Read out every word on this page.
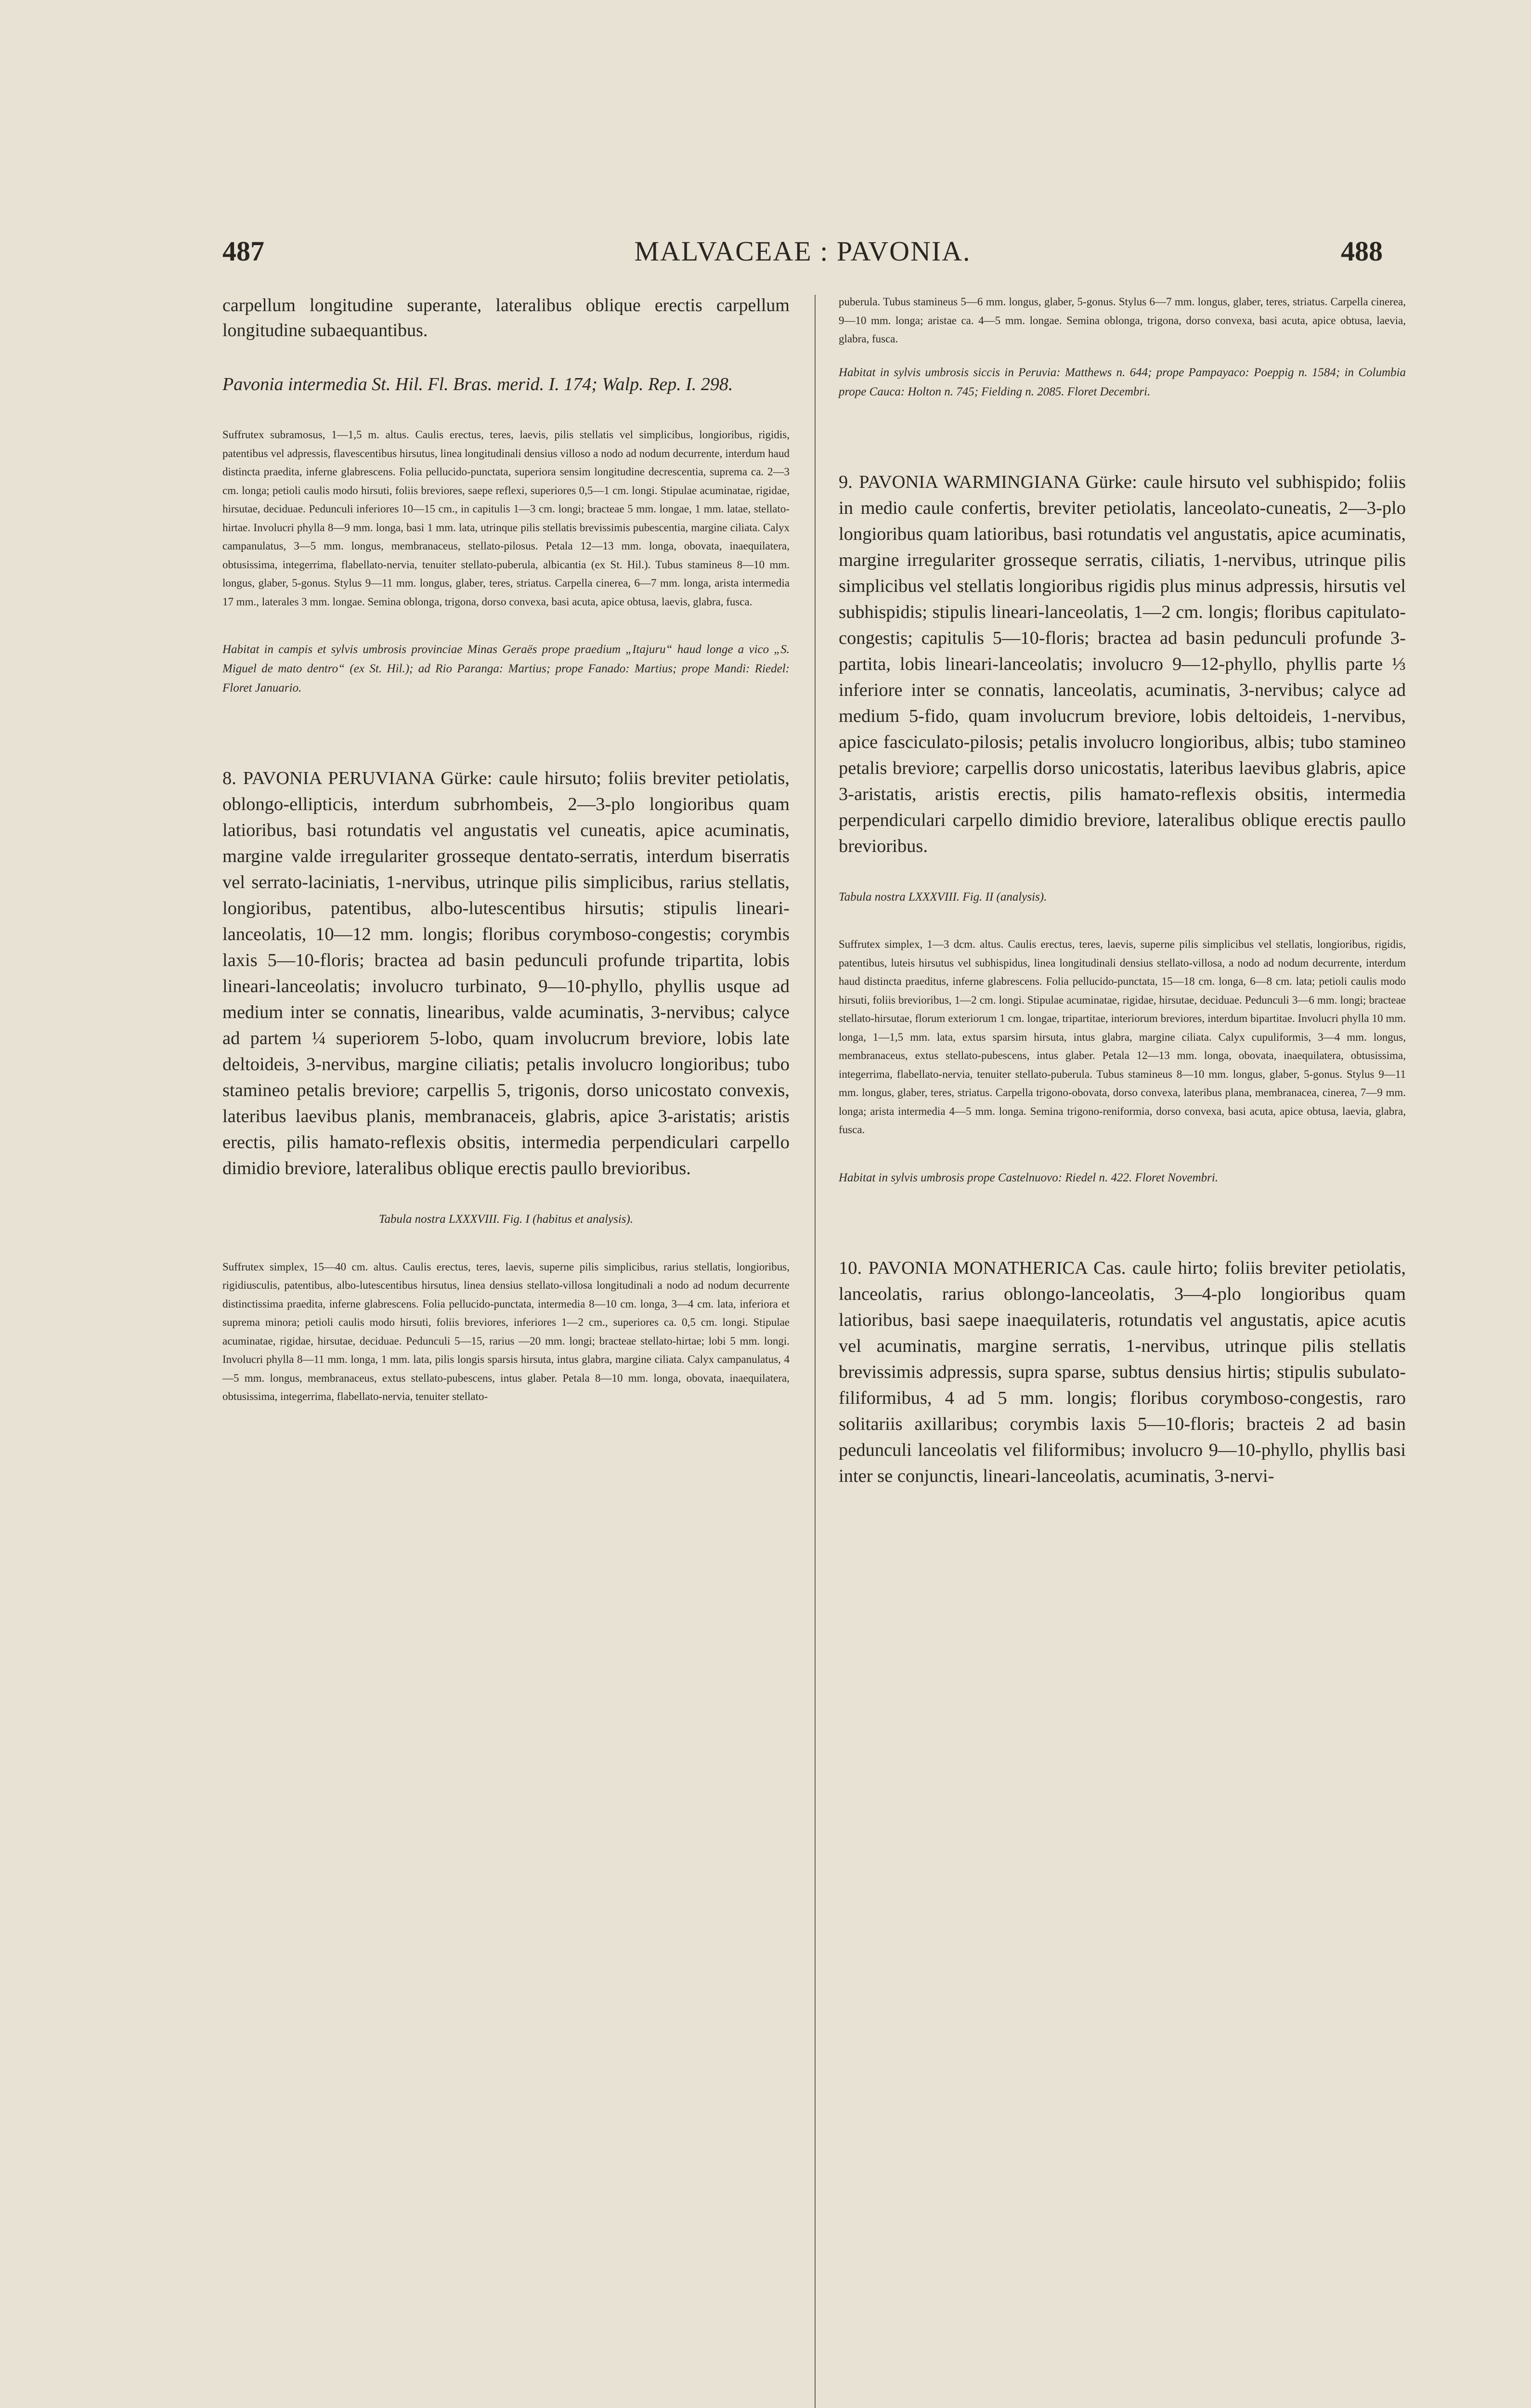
487	MALVACEAE : PAVONIA.	488

carpellum longitudine superante, lateralibus oblique erectis carpellum longitudine subaequantibus.

Pavonia intermedia St. Hil. Fl. Bras. merid. I. 174; Walp. Rep. I. 298.

Suffrutex subramosus, 1—1,5 m. altus. Caulis erectus, teres, laevis, pilis stellatis vel simplicibus, longioribus, rigidis, patentibus vel adpressis, flavescentibus hirsutus, linea longitudinali densius villoso a nodo ad nodum decurrente, interdum haud distincta praedita, inferne glabrescens. Folia pellucido-punctata, superiora sensim longitudine decrescentia, suprema ca. 2—3 cm. longa; petioli caulis modo hirsuti, foliis breviores, saepe reflexi, superiores 0,5—1 cm. longi. Stipulae acuminatae, rigidae, hirsutae, deciduae. Pedunculi inferiores 10—15 cm., in capitulis 1—3 cm. longi; bracteae 5 mm. longae, 1 mm. latae, stellato-hirtae. Involucri phylla 8—9 mm. longa, basi 1 mm. lata, utrinque pilis stellatis brevissimis pubescentia, margine ciliata. Calyx campanulatus, 3—5 mm. longus, membranaceus, stellato-pilosus. Petala 12—13 mm. longa, obovata, inaequilatera, obtusissima, integerrima, flabellato-nervia, tenuiter stellato-puberula, albicantia (ex St. Hil.). Tubus stamineus 8—10 mm. longus, glaber, 5-gonus. Stylus 9—11 mm. longus, glaber, teres, striatus. Carpella cinerea, 6—7 mm. longa, arista intermedia 17 mm., laterales 3 mm. longae. Semina oblonga, trigona, dorso convexa, basi acuta, apice obtusa, laevis, glabra, fusca.

Habitat in campis et sylvis umbrosis provinciae Minas Geraës prope praedium „Itajuru“ haud longe a vico „S. Miguel de mato dentro“ (ex St. Hil.); ad Rio Paranga: Martius; prope Fanado: Martius; prope Mandi: Riedel: Floret Januario.

8. PAVONIA PERUVIANA Gürke: caule hirsuto; foliis breviter petiolatis, oblongo-ellipticis, interdum subrhombeis, 2—3-plo longioribus quam latioribus, basi rotundatis vel angustatis vel cuneatis, apice acuminatis, margine valde irregulariter grosseque dentato-serratis, interdum biserratis vel serrato-laciniatis, 1-nervibus, utrinque pilis simplicibus, rarius stellatis, longioribus, patentibus, albo-lutescentibus hirsutis; stipulis lineari-lanceolatis, 10—12 mm. longis; floribus corymboso-congestis; corymbis laxis 5—10-floris; bractea ad basin pedunculi profunde tripartita, lobis lineari-lanceolatis; involucro turbinato, 9—10-phyllo, phyllis usque ad medium inter se connatis, linearibus, valde acuminatis, 3-nervibus; calyce ad partem ¼ superiorem 5-lobo, quam involucrum breviore, lobis late deltoideis, 3-nervibus, margine ciliatis; petalis involucro longioribus; tubo stamineo petalis breviore; carpellis 5, trigonis, dorso unicostato convexis, lateribus laevibus planis, membranaceis, glabris, apice 3-aristatis; aristis erectis, pilis hamato-reflexis obsitis, intermedia perpendiculari carpello dimidio breviore, lateralibus oblique erectis paullo brevioribus.

Tabula nostra LXXXVIII. Fig. I (habitus et analysis).

Suffrutex simplex, 15—40 cm. altus. Caulis erectus, teres, laevis, superne pilis simplicibus, rarius stellatis, longioribus, rigidiusculis, patentibus, albo-lutescentibus hirsutus, linea densius stellato-villosa longitudinali a nodo ad nodum decurrente distinctissima praedita, inferne glabrescens. Folia pellucido-punctata, intermedia 8—10 cm. longa, 3—4 cm. lata, inferiora et suprema minora; petioli caulis modo hirsuti, foliis breviores, inferiores 1—2 cm., superiores ca. 0,5 cm. longi. Stipulae acuminatae, rigidae, hirsutae, deciduae. Pedunculi 5—15, rarius —20 mm. longi; bracteae stellato-hirtae; lobi 5 mm. longi. Involucri phylla 8—11 mm. longa, 1 mm. lata, pilis longis sparsis hirsuta, intus glabra, margine ciliata. Calyx campanulatus, 4—5 mm. longus, membranaceus, extus stellato-pubescens, intus glaber. Petala 8—10 mm. longa, obovata, inaequilatera, obtusissima, integerrima, flabellato-nervia, tenuiter stellato-

puberula. Tubus stamineus 5—6 mm. longus, glaber, 5-gonus. Stylus 6—7 mm. longus, glaber, teres, striatus. Carpella cinerea, 9—10 mm. longa; aristae ca. 4—5 mm. longae. Semina oblonga, trigona, dorso convexa, basi acuta, apice obtusa, laevia, glabra, fusca.

Habitat in sylvis umbrosis siccis in Peruvia: Matthews n. 644; prope Pampayaco: Poeppig n. 1584; in Columbia prope Cauca: Holton n. 745; Fielding n. 2085. Floret Decembri.

9. PAVONIA WARMINGIANA Gürke: caule hirsuto vel subhispido; foliis in medio caule confertis, breviter petiolatis, lanceolato-cuneatis, 2—3-plo longioribus quam latioribus, basi rotundatis vel angustatis, apice acuminatis, margine irregulariter grosseque serratis, ciliatis, 1-nervibus, utrinque pilis simplicibus vel stellatis longioribus rigidis plus minus adpressis, hirsutis vel subhispidis; stipulis lineari-lanceolatis, 1—2 cm. longis; floribus capitulato-congestis; capitulis 5—10-floris; bractea ad basin pedunculi profunde 3-partita, lobis lineari-lanceolatis; involucro 9—12-phyllo, phyllis parte ⅓ inferiore inter se connatis, lanceolatis, acuminatis, 3-nervibus; calyce ad medium 5-fido, quam involucrum breviore, lobis deltoideis, 1-nervibus, apice fasciculato-pilosis; petalis involucro longioribus, albis; tubo stamineo petalis breviore; carpellis dorso unicostatis, lateribus laevibus glabris, apice 3-aristatis, aristis erectis, pilis hamato-reflexis obsitis, intermedia perpendiculari carpello dimidio breviore, lateralibus oblique erectis paullo brevioribus.

Tabula nostra LXXXVIII. Fig. II (analysis).

Suffrutex simplex, 1—3 dcm. altus. Caulis erectus, teres, laevis, superne pilis simplicibus vel stellatis, longioribus, rigidis, patentibus, luteis hirsutus vel subhispidus, linea longitudinali densius stellato-villosa, a nodo ad nodum decurrente, interdum haud distincta praeditus, inferne glabrescens. Folia pellucido-punctata, 15—18 cm. longa, 6—8 cm. lata; petioli caulis modo hirsuti, foliis brevioribus, 1—2 cm. longi. Stipulae acuminatae, rigidae, hirsutae, deciduae. Pedunculi 3—6 mm. longi; bracteae stellato-hirsutae, florum exteriorum 1 cm. longae, tripartitae, interiorum breviores, interdum bipartitae. Involucri phylla 10 mm. longa, 1—1,5 mm. lata, extus sparsim hirsuta, intus glabra, margine ciliata. Calyx cupuliformis, 3—4 mm. longus, membranaceus, extus stellato-pubescens, intus glaber. Petala 12—13 mm. longa, obovata, inaequilatera, obtusissima, integerrima, flabellato-nervia, tenuiter stellato-puberula. Tubus stamineus 8—10 mm. longus, glaber, 5-gonus. Stylus 9—11 mm. longus, glaber, teres, striatus. Carpella trigono-obovata, dorso convexa, lateribus plana, membranacea, cinerea, 7—9 mm. longa; arista intermedia 4—5 mm. longa. Semina trigono-reniformia, dorso convexa, basi acuta, apice obtusa, laevia, glabra, fusca.

Habitat in sylvis umbrosis prope Castelnuovo: Riedel n. 422. Floret Novembri.

10. PAVONIA MONATHERICA Cas. caule hirto; foliis breviter petiolatis, lanceolatis, rarius oblongo-lanceolatis, 3—4-plo longioribus quam latioribus, basi saepe inaequilateris, rotundatis vel angustatis, apice acutis vel acuminatis, margine serratis, 1-nervibus, utrinque pilis stellatis brevissimis adpressis, supra sparse, subtus densius hirtis; stipulis subulato-filiformibus, 4 ad 5 mm. longis; floribus corymboso-congestis, raro solitariis axillaribus; corymbis laxis 5—10-floris; bracteis 2 ad basin pedunculi lanceolatis vel filiformibus; involucro 9—10-phyllo, phyllis basi inter se conjunctis, lineari-lanceolatis, acuminatis, 3-nervi-
